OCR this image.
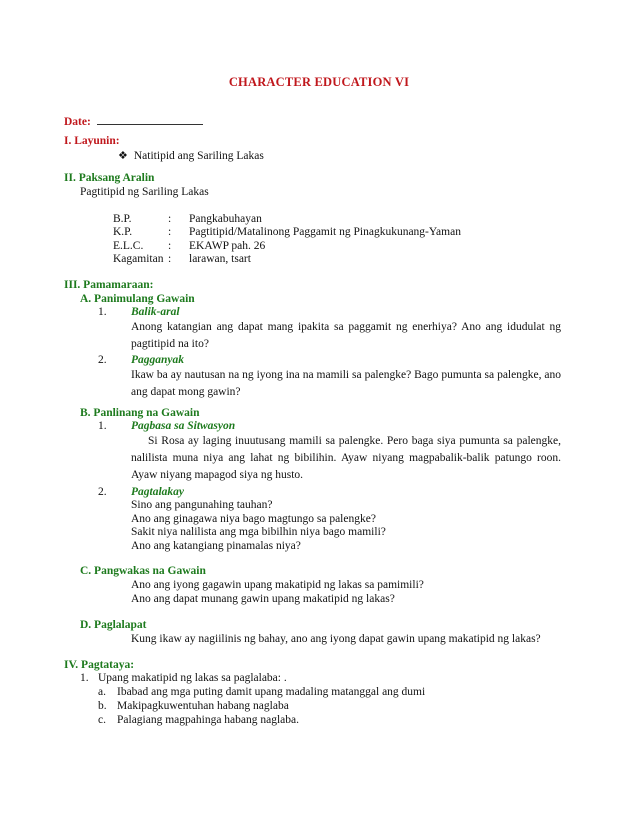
CHARACTER EDUCATION VI
Date:
I. Layunin:
❖ Natitipid ang Sariling Lakas
II. Paksang Aralin
Pagtitipid ng Sariling Lakas
B.P.	: Pangkabuhayan
K.P.	: Pagtitipid/Matalinong Paggamit ng Pinagkukunang-Yaman
E.L.C. : EKAWP pah. 26
Kagamitan : larawan, tsart
III. Pamamaraan:
A. Panimulang Gawain
1. Balik-aral
Anong katangian ang dapat mang ipakita sa paggamit ng enerhiya? Ano ang idudulat ng pagtitipid na ito?
2. Pagganyak
Ikaw ba ay nautusan na ng iyong ina na mamili sa palengke? Bago pumunta sa palengke, ano ang dapat mong gawin?
B. Panlinang na Gawain
1. Pagbasa sa Sitwasyon
Si Rosa ay laging inuutusang mamili sa palengke. Pero baga siya pumunta sa palengke, nalilista muna niya ang lahat ng bibilihin. Ayaw niyang magpabalik-balik patungo roon. Ayaw niyang mapagod siya ng husto.
2. Pagtalakay
Sino ang pangunahing tauhan?
Ano ang ginagawa niya bago magtungo sa palengke?
Sakit niya nalilista ang mga bibilhin niya bago mamili?
Ano ang katangiang pinamalas niya?
C. Pangwakas na Gawain
Ano ang iyong gagawin upang makatipid ng lakas sa pamimili?
Ano ang dapat munang gawin upang makatipid ng lakas?
D. Paglalapat
Kung ikaw ay nagiilinis ng bahay, ano ang iyong dapat gawin upang makatipid ng lakas?
IV. Pagtataya:
1. Upang makatipid ng lakas sa paglalaba: .
a. Ibabad ang mga puting damit upang madaling matanggal ang dumi
b. Makipagkuwentuhan habang naglaba
c. Palagiang magpahinga habang naglaba.
